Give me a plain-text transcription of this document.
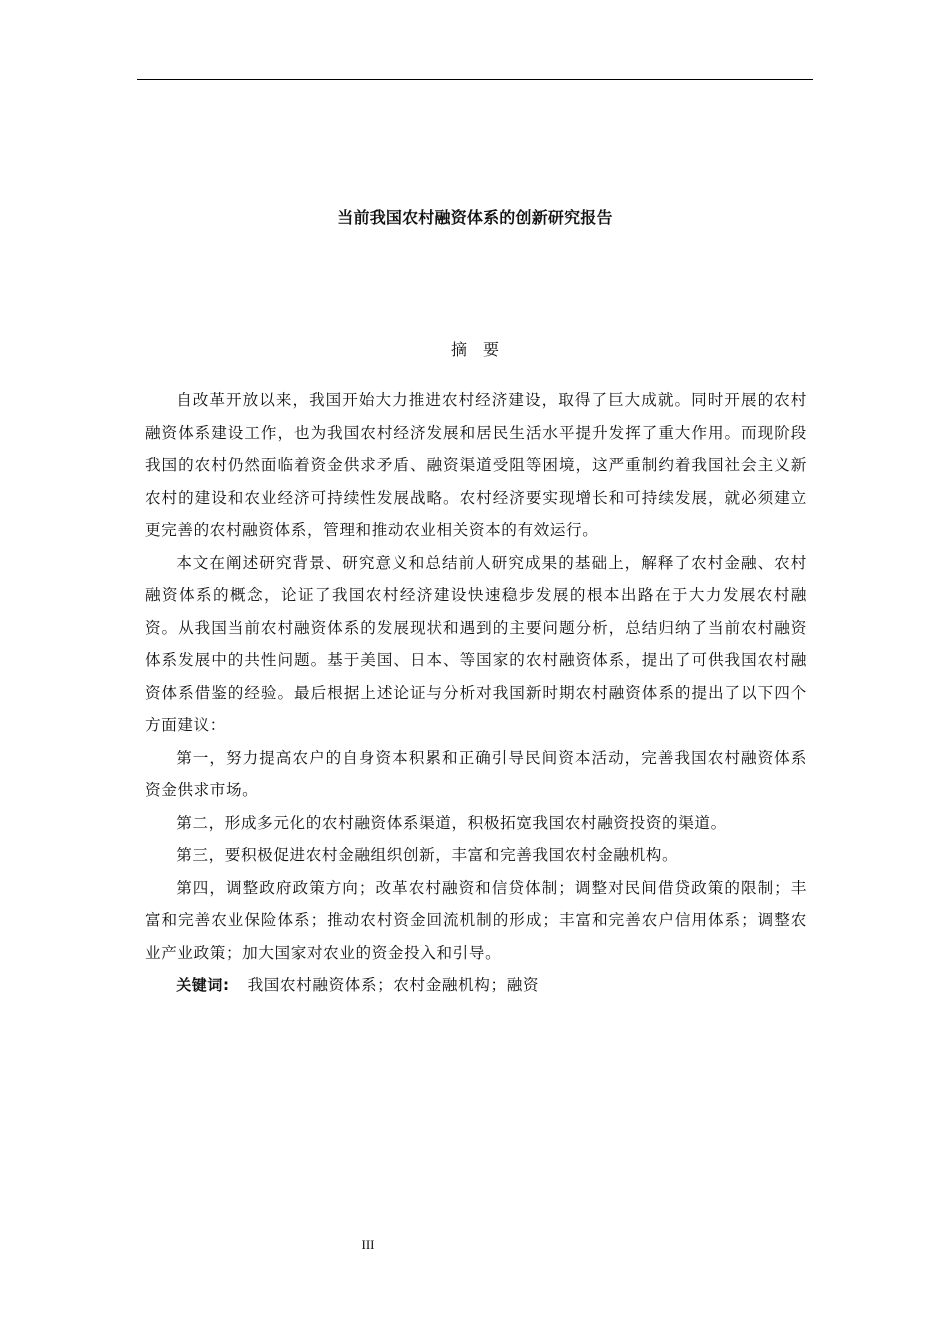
当前我国农村融资体系的创新研究报告
摘要

自改革开放以来，我国开始大力推进农村经济建设，取得了巨大成就。同时开展的农村融资体系建设工作，也为我国农村经济发展和居民生活水平提升发挥了重大作用。而现阶段我国的农村仍然面临着资金供求矛盾、融资渠道受阻等困境，这严重制约着我国社会主义新农村的建设和农业经济可持续性发展战略。农村经济要实现增长和可持续发展，就必须建立更完善的农村融资体系，管理和推动农业相关资本的有效运行。

本文在阐述研究背景、研究意义和总结前人研究成果的基础上，解释了农村金融、农村融资体系的概念，论证了我国农村经济建设快速稳步发展的根本出路在于大力发展农村融资。从我国当前农村融资体系的发展现状和遇到的主要问题分析，总结归纳了当前农村融资体系发展中的共性问题。基于美国、日本、等国家的农村融资体系，提出了可供我国农村融资体系借鉴的经验。最后根据上述论证与分析对我国新时期农村融资体系的提出了以下四个方面建议：

第一，努力提高农户的自身资本积累和正确引导民间资本活动，完善我国农村融资体系资金供求市场。

第二，形成多元化的农村融资体系渠道，积极拓宽我国农村融资投资的渠道。

第三，要积极促进农村金融组织创新，丰富和完善我国农村金融机构。

第四，调整政府政策方向；改革农村融资和信贷体制；调整对民间借贷政策的限制；丰富和完善农业保险体系；推动农村资金回流机制的形成；丰富和完善农户信用体系；调整农业产业政策；加大国家对农业的资金投入和引导。

关键词: 我国农村融资体系；农村金融机构；融资

III
